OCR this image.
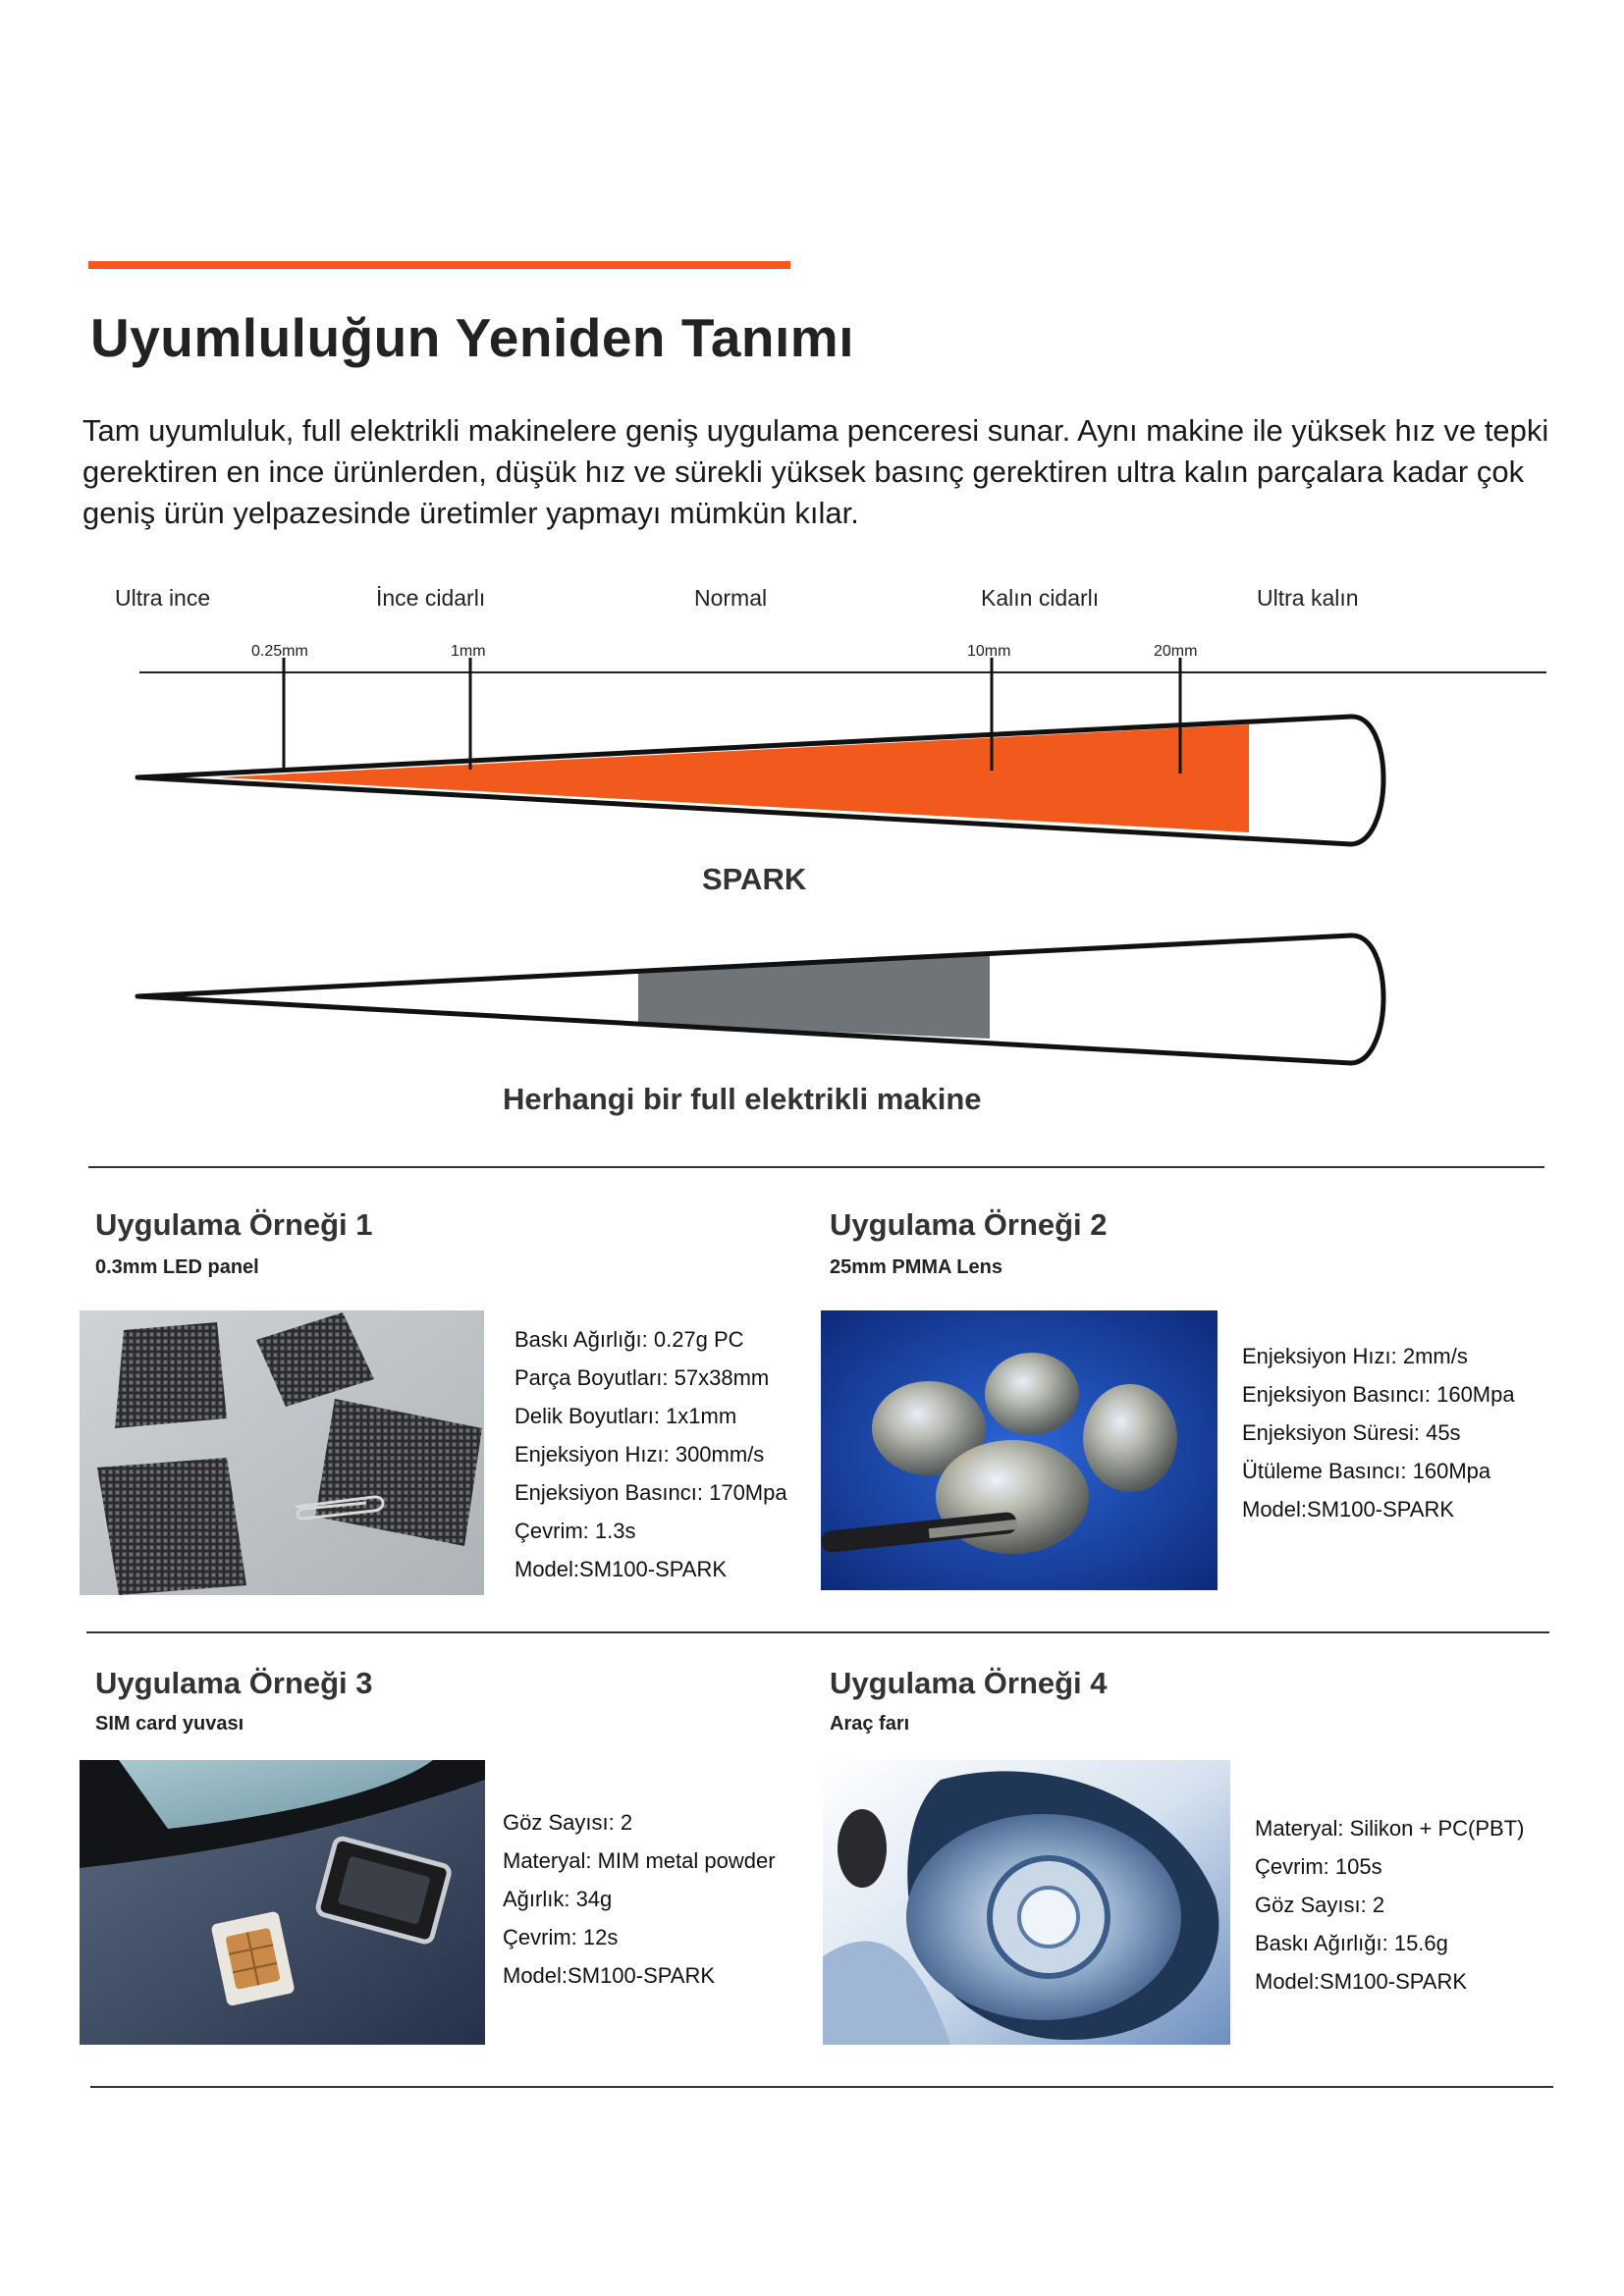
Uyumluluğun Yeniden Tanımı
Tam uyumluluk, full elektrikli makinelere geniş uygulama penceresi sunar. Aynı makine ile yüksek hız ve tepki gerektiren en ince ürünlerden, düşük hız ve sürekli yüksek basınç gerektiren ultra kalın parçalara kadar çok geniş ürün yelpazesinde üretimler yapmayı mümkün kılar.
Ultra ince	İnce cidarlı	Normal	Kalın cidarlı	Ultra kalın
0.25mm	1mm	10mm	20mm
SPARK
Herhangi bir full elektrikli makine
Uygulama Örneği 1
0.3mm LED panel
Baskı Ağırlığı: 0.27g PC
Parça Boyutları: 57x38mm
Delik Boyutları: 1x1mm
Enjeksiyon Hızı: 300mm/s
Enjeksiyon Basıncı: 170Mpa
Çevrim: 1.3s
Model:SM100-SPARK
Uygulama Örneği 2
25mm PMMA Lens
Enjeksiyon Hızı: 2mm/s
Enjeksiyon Basıncı: 160Mpa
Enjeksiyon Süresi: 45s
Ütüleme Basıncı: 160Mpa
Model:SM100-SPARK
Uygulama Örneği 3
SIM card yuvası
Göz Sayısı: 2
Materyal: MIM metal powder
Ağırlık: 34g
Çevrim: 12s
Model:SM100-SPARK
Uygulama Örneği 4
Araç farı
Materyal: Silikon + PC(PBT)
Çevrim: 105s
Göz Sayısı: 2
Baskı Ağırlığı: 15.6g
Model:SM100-SPARK
